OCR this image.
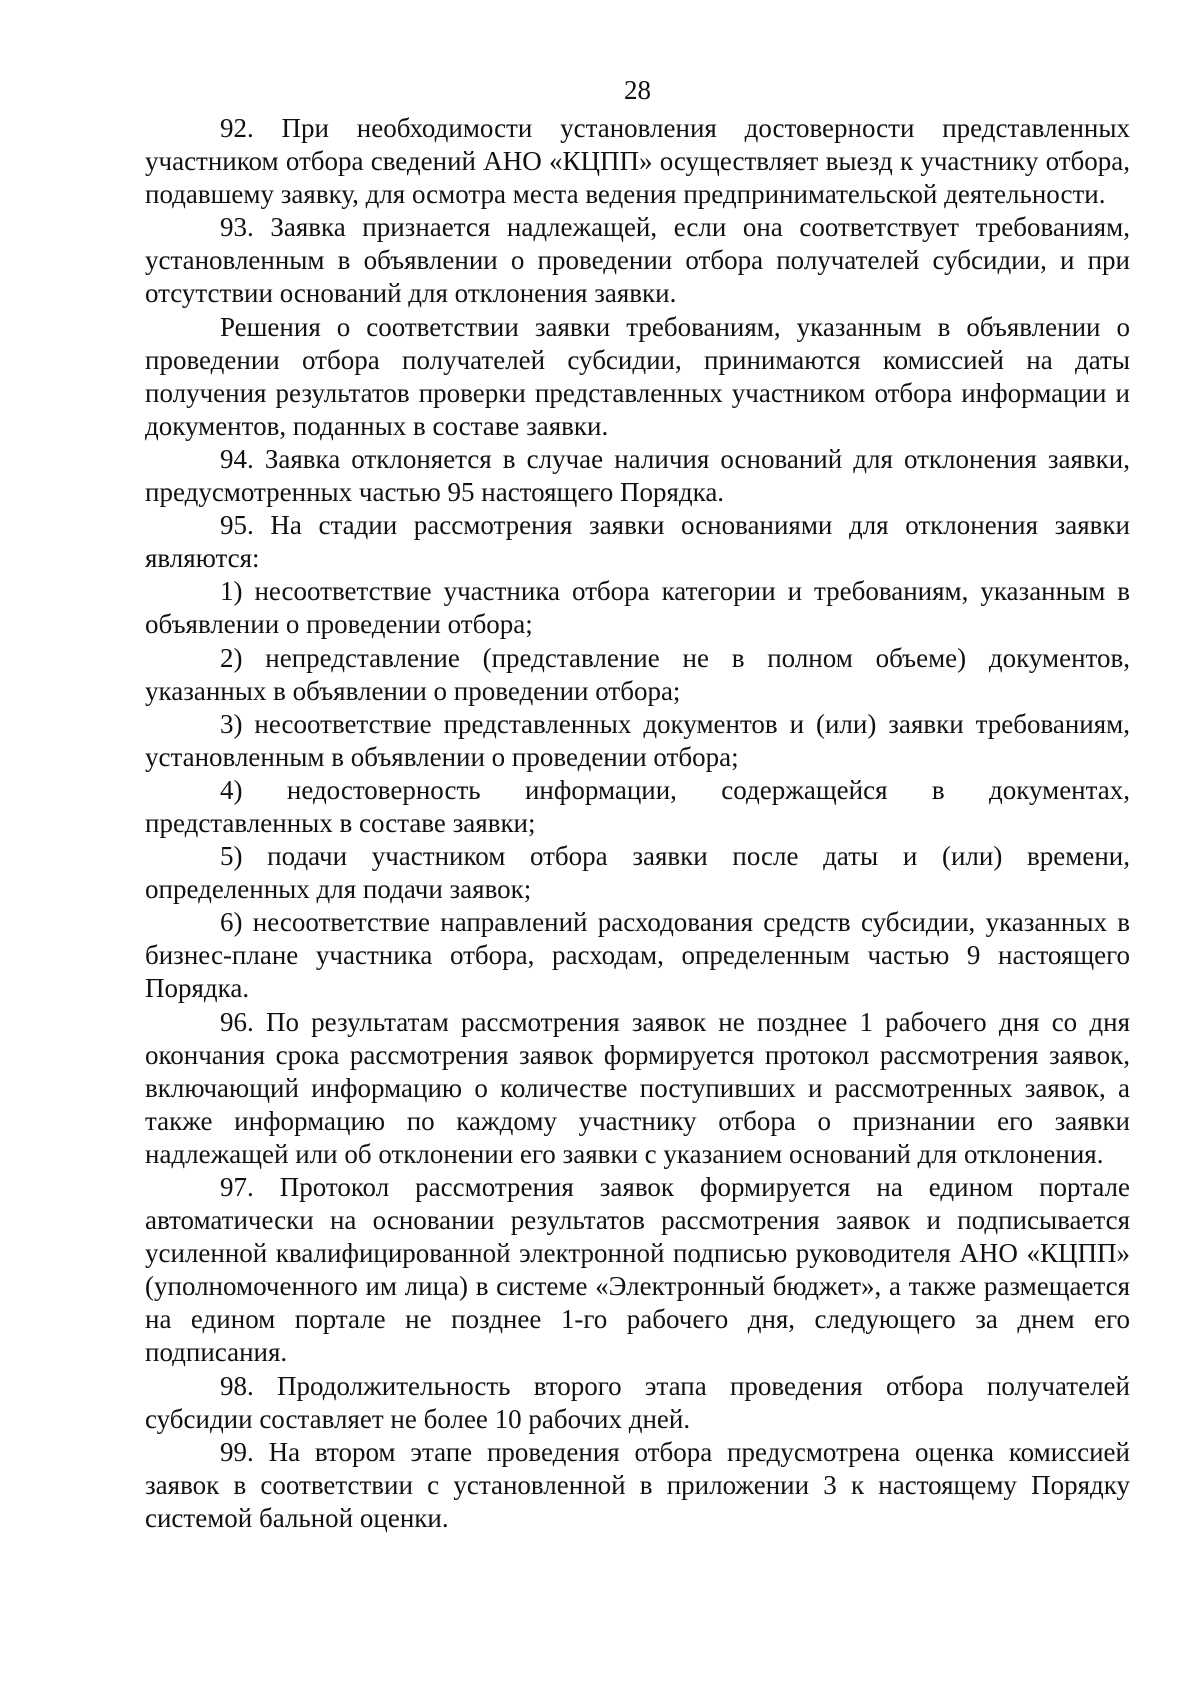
28

92. При необходимости установления достоверности представленных участником отбора сведений АНО «КЦПП» осуществляет выезд к участнику отбора, подавшему заявку, для осмотра места ведения предпринимательской деятельности.

93. Заявка признается надлежащей, если она соответствует требованиям, установленным в объявлении о проведении отбора получателей субсидии, и при отсутствии оснований для отклонения заявки.

Решения о соответствии заявки требованиям, указанным в объявлении о проведении отбора получателей субсидии, принимаются комиссией на даты получения результатов проверки представленных участником отбора информации и документов, поданных в составе заявки.

94. Заявка отклоняется в случае наличия оснований для отклонения заявки, предусмотренных частью 95 настоящего Порядка.

95. На стадии рассмотрения заявки основаниями для отклонения заявки являются:

1) несоответствие участника отбора категории и требованиям, указанным в объявлении о проведении отбора;

2) непредставление (представление не в полном объеме) документов, указанных в объявлении о проведении отбора;

3) несоответствие представленных документов и (или) заявки требованиям, установленным в объявлении о проведении отбора;

4) недостоверность информации, содержащейся в документах, представленных в составе заявки;

5) подачи участником отбора заявки после даты и (или) времени, определенных для подачи заявок;

6) несоответствие направлений расходования средств субсидии, указанных в бизнес-плане участника отбора, расходам, определенным частью 9 настоящего Порядка.

96. По результатам рассмотрения заявок не позднее 1 рабочего дня со дня окончания срока рассмотрения заявок формируется протокол рассмотрения заявок, включающий информацию о количестве поступивших и рассмотренных заявок, а также информацию по каждому участнику отбора о признании его заявки надлежащей или об отклонении его заявки с указанием оснований для отклонения.

97. Протокол рассмотрения заявок формируется на едином портале автоматически на основании результатов рассмотрения заявок и подписывается усиленной квалифицированной электронной подписью руководителя АНО «КЦПП» (уполномоченного им лица) в системе «Электронный бюджет», а также размещается на едином портале не позднее 1-го рабочего дня, следующего за днем его подписания.

98. Продолжительность второго этапа проведения отбора получателей субсидии составляет не более 10 рабочих дней.

99. На втором этапе проведения отбора предусмотрена оценка комиссией заявок в соответствии с установленной в приложении 3 к настоящему Порядку системой бальной оценки.
